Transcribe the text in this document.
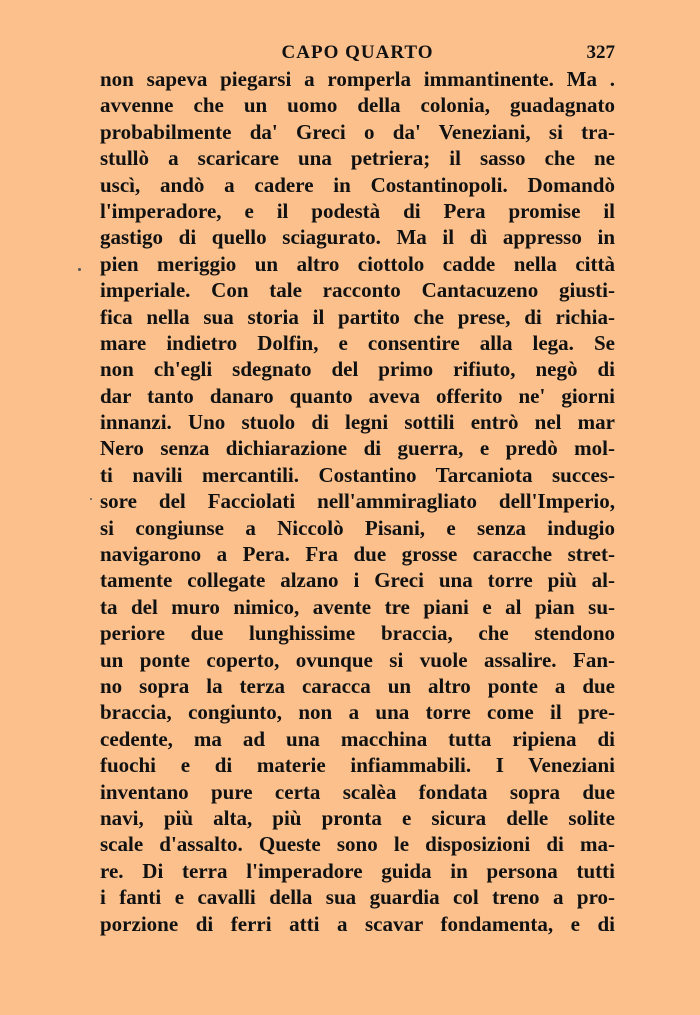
CAPO QUARTO	327
non sapeva piegarsi a romperla immantinente. Ma .
avvenne che un uomo della colonia, guadagnato
probabilmente da' Greci o da' Veneziani, si tra-
stullò a scaricare una petriera; il sasso che ne
uscì, andò a cadere in Costantinopoli. Domandò
l'imperadore, e il podestà di Pera promise il
gastigo di quello sciagurato. Ma il dì appresso in
pien meriggio un altro ciottolo cadde nella città
imperiale. Con tale racconto Cantacuzeno giusti-
fica nella sua storia il partito che prese, di richia-
mare indietro Dolfin, e consentire alla lega. Se
non ch'egli sdegnato del primo rifiuto, negò di
dar tanto danaro quanto aveva offerito ne' giorni
innanzi. Uno stuolo di legni sottili entrò nel mar
Nero senza dichiarazione di guerra, e predò mol-
ti navili mercantili. Costantino Tarcaniota succes-
sore del Facciolati nell'ammiragliato dell'Imperio,
si congiunse a Niccolò Pisani, e senza indugio
navigarono a Pera. Fra due grosse caracche stret-
tamente collegate alzano i Greci una torre più al-
ta del muro nimico, avente tre piani e al pian su-
periore due lunghissime braccia, che stendono
un ponte coperto, ovunque si vuole assalire. Fan-
no sopra la terza caracca un altro ponte a due
braccia, congiunto, non a una torre come il pre-
cedente, ma ad una macchina tutta ripiena di
fuochi e di materie infiammabili. I Veneziani
inventano pure certa scalèa fondata sopra due
navi, più alta, più pronta e sicura delle solite
scale d'assalto. Queste sono le disposizioni di ma-
re. Di terra l'imperadore guida in persona tutti
i fanti e cavalli della sua guardia col treno a pro-
porzione di ferri atti a scavar fondamenta, e di
